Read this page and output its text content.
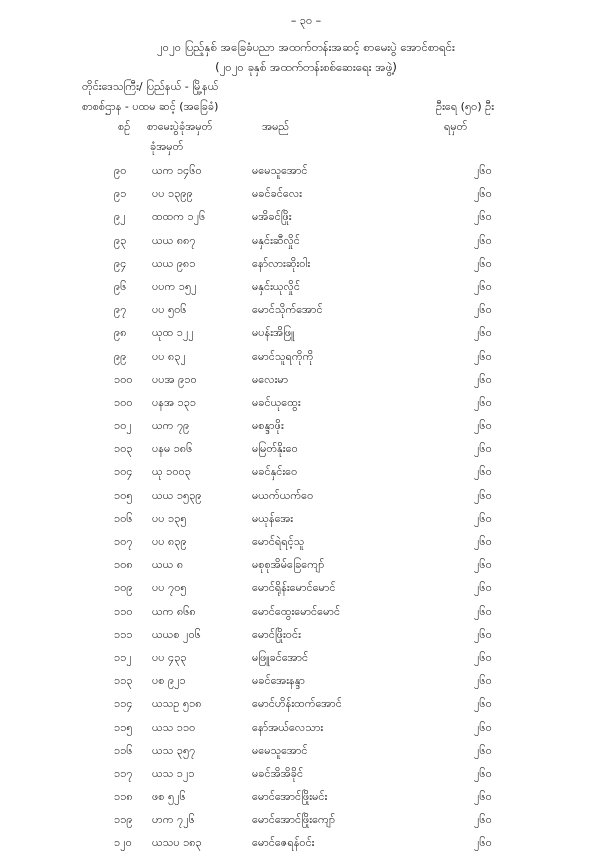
– ၃၀ –
၂၀၂၀ ပြည့်နှစ် အခြေခံပညာ အထက်တန်းအဆင့် စာမေးပွဲ အောင်စာရင်း
(၂၀၂၀ ခုနှစ် အထက်တန်းစစ်ဆေးရေး အဖွဲ့)
တိုင်းဒေသကြီး/ ပြည်နယ် - မြို့နယ်
စာစစ်ဌာန - ပထမ ဆင့် (အခြေခံ)	ဦးရေ (၅၀) ဦး
စဉ် စာမေးပွဲခုံအမှတ်	အမည်	ရမှတ်
ခုံအမှတ်
၉၀ ယက ၁၄၆၀	မမေသူအောင်	၂၆၀
၉၁ ပပ ၁၃၉၉	မခင်ခင်လေး	၂၆၀
၉၂ ထထက ၁၂၆	မအိခင်ဖြိုး	၂၆၀
၉၃ ယယ ၈၈၇	မနှင်းဆီလှိုင်	၂၆၀
၉၄ ယယ ၉၈၁	နော်လားဆိုးဝါး	၂၆၀
၉၆ ပပက ၁၅၂	မနှင်းယုလှိုင်	၂၆၀
၉၇ ပပ ၅၀၆	မောင်သိုက်အောင်	၂၆၀
၉၈ ယုထ ၁၂၂	မပန်းအိဖြူ	၂၆၀
၉၉ ပပ ၈၃၂	မောင်သူရကိုကို	၂၆၀
၁၀၀ ပပအ ၉၁၀	မလေးမာ	၂၆၀
၁၀၀ ပနအ ၁၃၁	မခင်ယုထွေး	၂၆၀
၁၀၂ ယက ၇၉	မစန္ဒာဖိုး	၂၆၀
၁၀၃ ပနမ ၁၈၆	မမြတ်နိုးဝေ	၂၆၀
၁၀၄ ယု ၁၀၀၃	မခင်နှင်းဝေ	၂၆၀
၁၀၅ ယယ ၁၅၃၉	မယက်ယက်ဝေ	၂၆၀
၁၀၆ ပပ ၁၃၅	မယုန်အေး	၂၆၀
၁၀၇ ပပ ၈၃၉	မောင်ရဲရင့်သူ	၂၆၀
၁၀၈ ယယ ၈	မစုစုအိမ်ခြေကျော်	၂၆၀
၁၀၉ ပပ ၇၀၅	မောင်ရိုန်းမောင်မောင်	၂၆၀
၁၁၀ ယက ၈၆၈	မောင်ထွေးမောင်မောင်	၂၆၀
၁၁၁ ယယစ ၂၀၆	မောင်ဖြိုးဝင်း	၂၆၀
၁၁၂ ပပ ၄၃၃	မဖြူခင်အောင်	၂၆၀
၁၁၃ ပစ ၉၂၁	မခင်အေးနန္ဒာ	၂၆၀
၁၁၄ ယသဥ ၅၁၈	မောင်ဟိန်းထက်အောင်	၂၆၀
၁၁၅ ယသ ၁၁၀	နော်အယ်လေသား	၂၆၀
၁၁၆ ယသ ၃၅၇	မမေသူအောင်	၂၆၀
၁၁၇ ယသ ၁၂၁	မခင်အိအိခိုင်	၂၆၀
၁၁၈ ဖစ ၅၂၆	မောင်အောင်ဖြိုးမင်း	၂၆၀
၁၁၉ ဟက ၇၂၆	မောင်အောင်ဖြိုးကျော်	၂၆၀
၁၂၀ ယသပ ၁၈၃	မောင်ဇေရန်ဝင်း	၂၆၀
